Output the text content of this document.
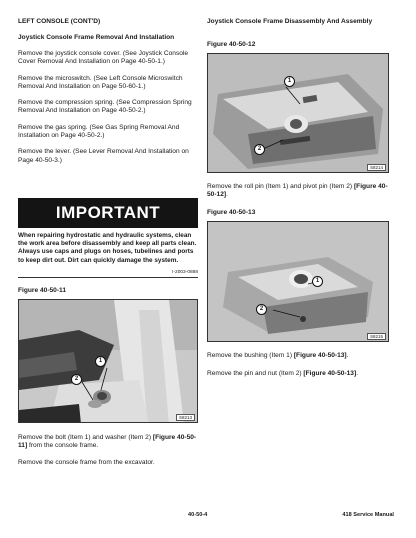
LEFT CONSOLE (CONT'D)
Joystick Console Frame Removal And Installation
Remove the joystick console cover. (See Joystick Console Cover Removal And Installation on Page 40-50-1.)
Remove the microswitch. (See Left Console Microswitch Removal And Installation on Page 50-60-1.)
Remove the compression spring. (See Compression Spring Removal And Installation on Page 40-50-2.)
Remove the gas spring. (See Gas Spring Removal And Installation on Page 40-50-2.)
Remove the lever. (See Lever Removal And Installation on Page 40-50-3.)
IMPORTANT
When repairing hydrostatic and hydraulic systems, clean the work area before disassembly and keep all parts clean. Always use caps and plugs on hoses, tubelines and ports to keep dirt out. Dirt can quickly damage the system.
I-2003-0888
Figure 40-50-11
1
2
S8213
Remove the bolt (Item 1) and washer (Item 2) [Figure 40-50-11] from the console frame.
Remove the console frame from the excavator.
Joystick Console Frame Disassembly And Assembly
Figure 40-50-12
1
2
S8214
Remove the roll pin (Item 1) and pivot pin (Item 2) [Figure 40-50-12].
Figure 40-50-13
1
2
S8215
Remove the bushing (Item 1) [Figure 40-50-13].
Remove the pin and nut (Item 2) [Figure 40-50-13].
40-50-4	418 Service Manual
